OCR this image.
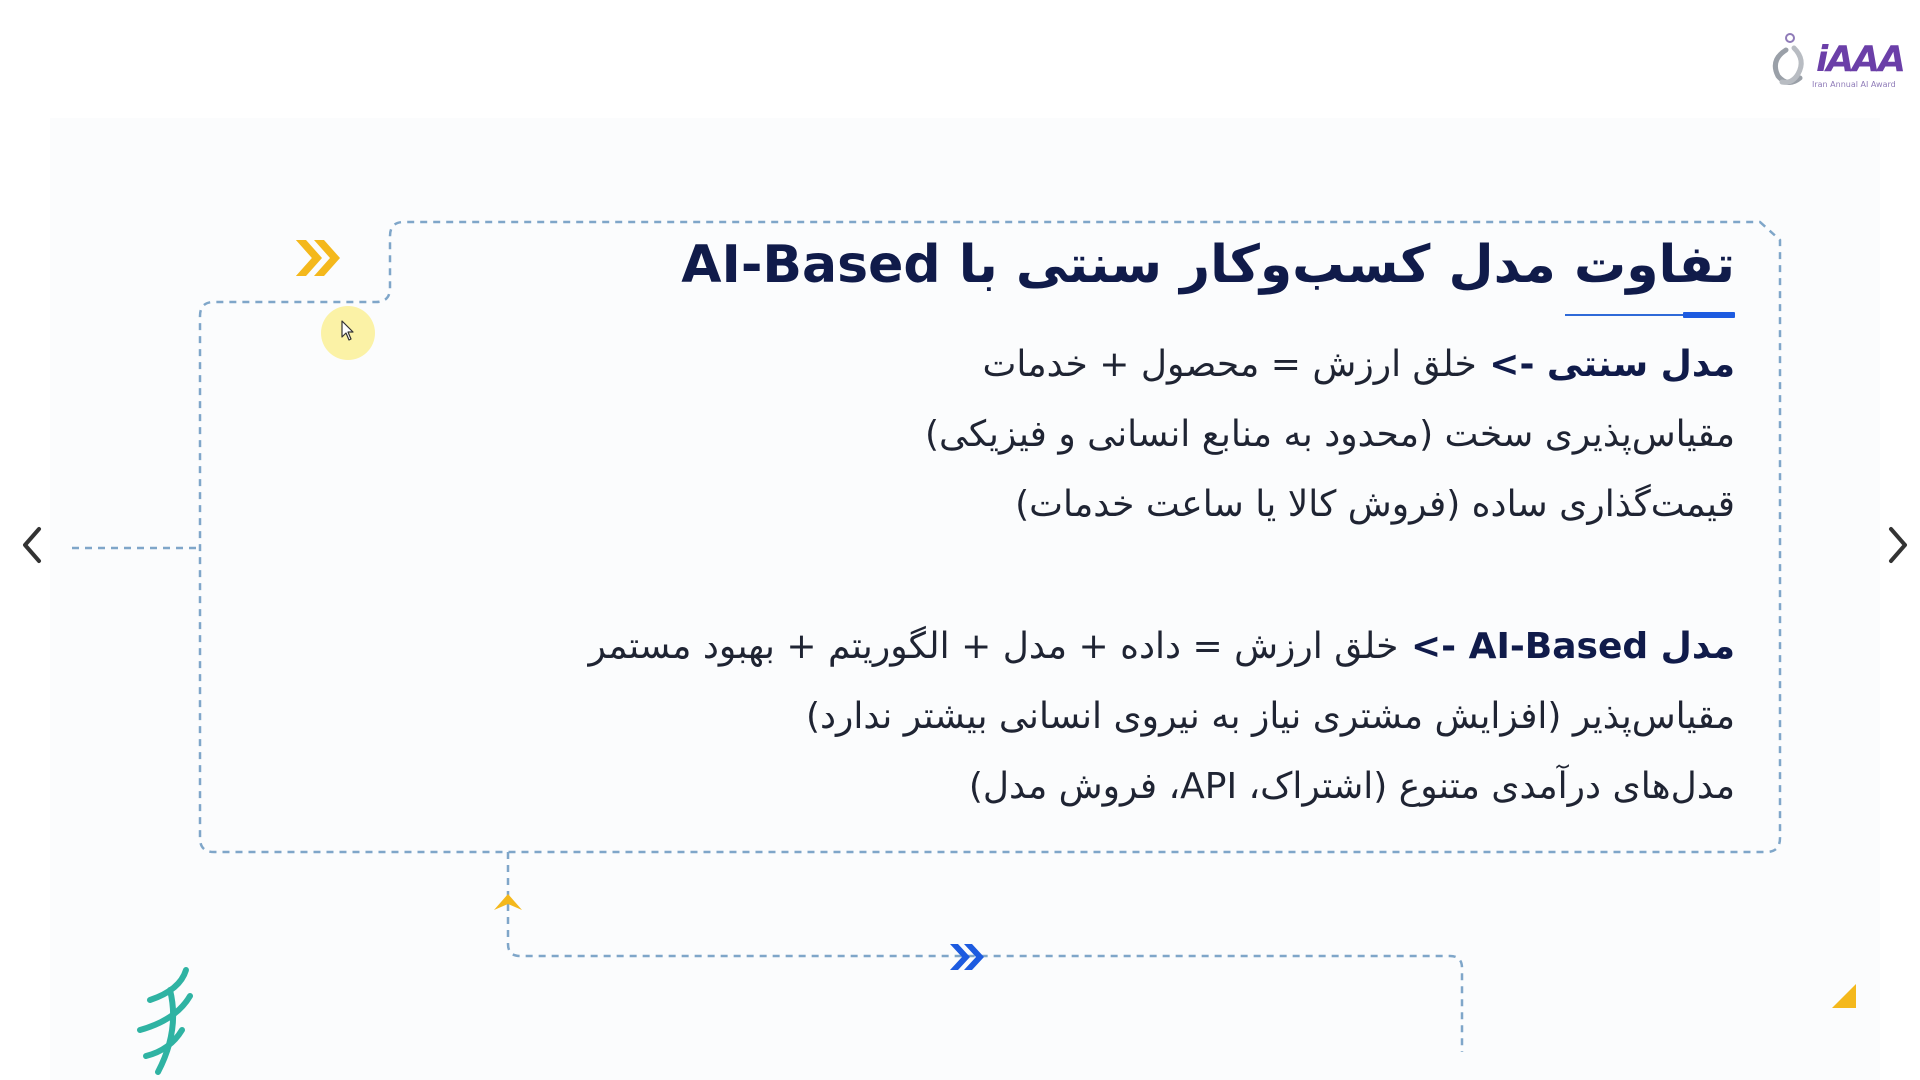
iAAA
Iran Annual AI Award
تفاوت مدل کسب‌وکار سنتی با AI-Based
مدل سنتی -> خلق ارزش = محصول + خدمات
مقیاس‌پذیری سخت (محدود به منابع انسانی و فیزیکی)
قیمت‌گذاری ساده (فروش کالا یا ساعت خدمات)
مدل AI-Based -> خلق ارزش = داده + مدل + الگوریتم + بهبود مستمر
مقیاس‌پذیر (افزایش مشتری نیاز به نیروی انسانی بیشتر ندارد)
مدل‌های درآمدی متنوع (اشتراک، API، فروش مدل)
